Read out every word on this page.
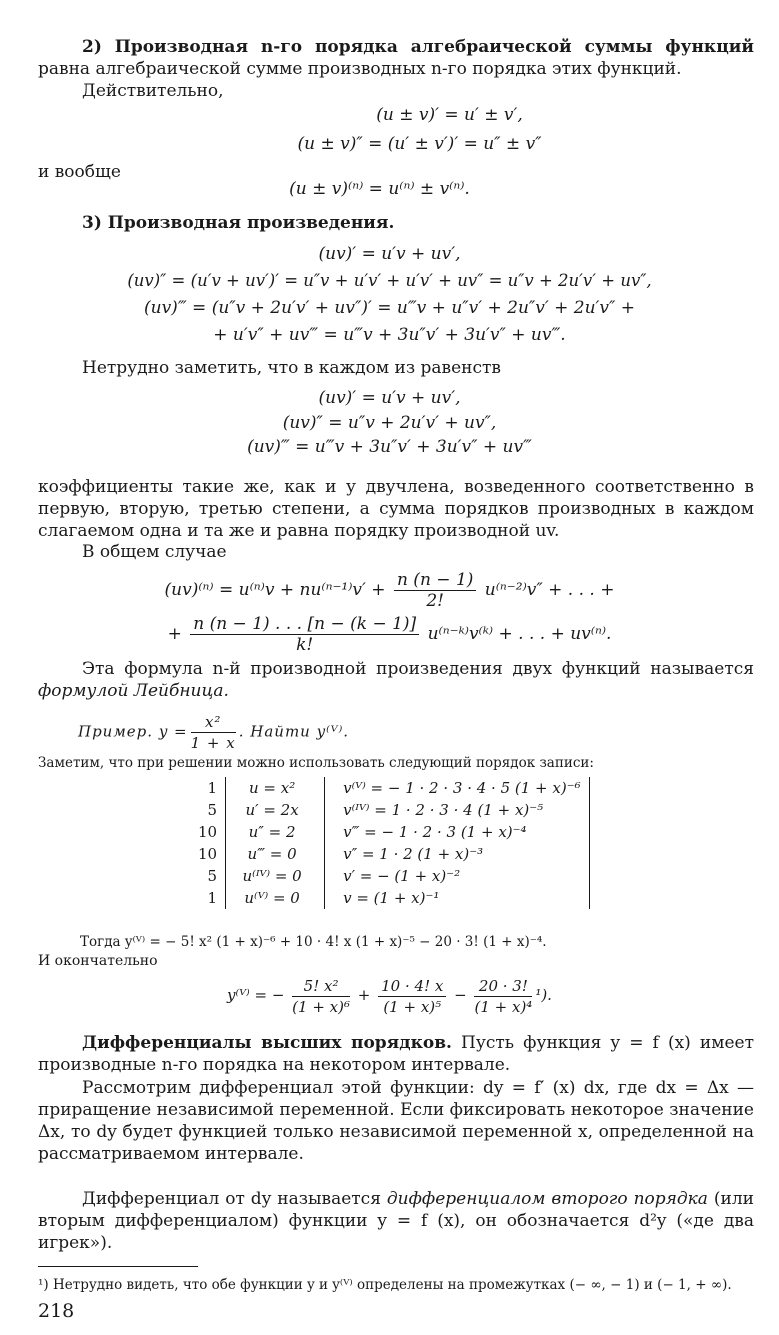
2) Производная n-го порядка алгебраической суммы функций равна алгебраической сумме производных n-го порядка этих функций.

Действительно,

(u ± v)′ = u′ ± v′,
(u ± v)″ = (u′ ± v′)′ = u″ ± v″

и вообще

(u ± v)⁽ⁿ⁾ = u⁽ⁿ⁾ ± v⁽ⁿ⁾.

3) Производная произведения.

(uv)′ = u′v + uv′,
(uv)″ = (u′v + uv′)′ = u″v + u′v′ + u′v′ + uv″ = u″v + 2u′v′ + uv″,
(uv)‴ = (u″v + 2u′v′ + uv″)′ = u‴v + u″v′ + 2u″v′ + 2u′v″ +
+ u′v″ + uv‴ = u‴v + 3u″v′ + 3u′v″ + uv‴.

Нетрудно заметить, что в каждом из равенств

(uv)′ = u′v + uv′,
(uv)″ = u″v + 2u′v′ + uv″,
(uv)‴ = u‴v + 3u″v′ + 3u′v″ + uv‴

коэффициенты такие же, как и у двучлена, возведенного соответственно в первую, вторую, третью степени, а сумма порядков производных в каждом слагаемом одна и та же и равна порядку производной uv.

В общем случае

$(uv)^{(n)} = u^{(n)}v + nu^{(n-1)}v' + \frac{n (n - 1)}{2!} u^{(n-2)}v''$ + . . . +
+ $\frac{n (n - 1) . . . [n - (k - 1)]}{k!}$ u⁽ⁿ⁻ᵏ⁾v⁽ᵏ⁾ + . . . + uv⁽ⁿ⁾.

Эта формула n-й производной произведения двух функций называется формулой Лейбница.

Пример. $y = \frac{\text{x²}}{1 + x}$ . Найти y⁽ⱽ⁾.

Заметим, что при решении можно использовать следующий порядок записи:

1	u = x²	v⁽ⱽ⁾ = − 1 · 2 · 3 · 4 · 5 (1 + x)⁻⁶
5	u′ = 2x	v⁽ᴵⱽ⁾ = 1 · 2 · 3 · 4 (1 + x)⁻⁵
10	u″ = 2	v‴ = − 1 · 2 · 3 (1 + x)⁻⁴
10	u‴ = 0	v″ = 1 · 2 (1 + x)⁻³
5	u⁽ᴵⱽ⁾ = 0	v′ = − (1 + x)⁻²
1	u⁽ⱽ⁾ = 0	v = (1 + x)⁻¹

Тогда y⁽ⱽ⁾ = − 5! x² (1 + x)⁻⁶ + 10 · 4! x (1 + x)⁻⁵ − 20 · 3! (1 + x)⁻⁴.

И окончательно

y⁽ⱽ⁾ = − $\frac{\text{5! x²}}{\text{(1 + x)⁶}} + \frac{10 \cdot 4! x}{\text{(1 + x)⁵}} - \frac{20 \cdot 3!}{\text{(1 + x)⁴}} ^1$).

Дифференциалы высших порядков. Пусть функция y = f (x) имеет производные n-го порядка на некотором интервале.

Рассмотрим дифференциал этой функции: dy = f′ (x) dx, где dx = Δx — приращение независимой переменной. Если фиксировать некоторое значение Δx, то dy будет функцией только независимой переменной x, определенной на рассматриваемом интервале.

Дифференциал от dy называется дифференциалом второго порядка (или вторым дифференциалом) функции y = f (x), он обозначается d²y («де два игрек»).

¹) Нетрудно видеть, что обе функции y и y⁽ⱽ⁾ определены на промежутках (− ∞, − 1) и (− 1, + ∞).

218
